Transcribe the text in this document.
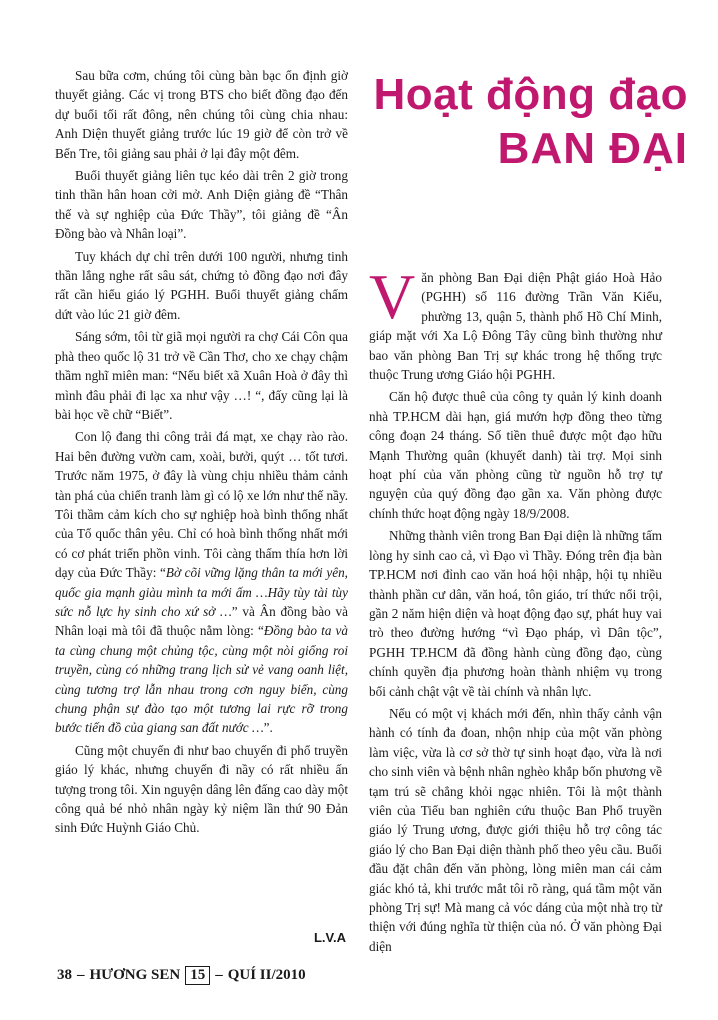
Sau bữa cơm, chúng tôi cùng bàn bạc ổn định giờ thuyết giảng. Các vị trong BTS cho biết đồng đạo đến dự buổi tối rất đông, nên chúng tôi cùng chia nhau: Anh Diện thuyết giảng trước lúc 19 giờ để còn trở về Bến Tre, tôi giảng sau phải ở lại đây một đêm.

Buổi thuyết giảng liên tục kéo dài trên 2 giờ trong tinh thần hân hoan cởi mở. Anh Diện giảng đề “Thân thế và sự nghiệp của Đức Thầy”, tôi giảng đề “Ân Đồng bào và Nhân loại”.

Tuy khách dự chỉ trên dưới 100 người, nhưng tinh thần lắng nghe rất sâu sát, chứng tỏ đồng đạo nơi đây rất cần hiểu giáo lý PGHH. Buổi thuyết giảng chấm dứt vào lúc 21 giờ đêm.

Sáng sớm, tôi từ giã mọi người ra chợ Cái Côn qua phà theo quốc lộ 31 trở về Cần Thơ, cho xe chạy chậm thầm nghĩ miên man: “Nếu biết xã Xuân Hoà ở đây thì mình đâu phải đi lạc xa như vậy …! “, đấy cũng lại là bài học về chữ “Biết”.

Con lộ đang thi công trải đá mạt, xe chạy rào rào. Hai bên đường vườn cam, xoài, bưởi, quýt … tốt tươi. Trước năm 1975, ở đây là vùng chịu nhiều thảm cảnh tàn phá của chiến tranh làm gì có lộ xe lớn như thế nầy. Tôi thầm cảm kích cho sự nghiệp hoà bình thống nhất của Tổ quốc thân yêu. Chỉ có hoà bình thống nhất mới có cơ phát triển phồn vinh. Tôi càng thấm thía hơn lời dạy của Đức Thầy: “Bờ cõi vững lặng thân ta mới yên, quốc gia mạnh giàu mình ta mới ấm …Hãy tùy tài tùy sức nỗ lực hy sinh cho xứ sở …” và Ân đồng bào và Nhân loại mà tôi đã thuộc nằm lòng: “Đồng bào ta và ta cùng chung một chủng tộc, cùng một nòi giống roi truyền, cùng có những trang lịch sử vẻ vang oanh liệt, cùng tương trợ lẫn nhau trong cơn nguy biến, cùng chung phận sự đào tạo một tương lai rực rỡ trong bước tiến đồ của giang san đất nước …”.

Cũng một chuyến đi như bao chuyến đi phổ truyền giáo lý khác, nhưng chuyến đi nầy có rất nhiều ấn tượng trong tôi. Xin nguyện dâng lên đấng cao dày một công quả bé nhỏ nhân ngày kỷ niệm lần thứ 90 Đản sinh Đức Huỳnh Giáo Chủ.

L.V.A
Hoạt động đạo
BAN ĐẠI

Văn phòng Ban Đại diện Phật giáo Hoà Hảo (PGHH) số 116 đường Trần Văn Kiểu, phường 13, quận 5, thành phố Hồ Chí Minh, giáp mặt với Xa Lộ Đông Tây cũng bình thường như bao văn phòng Ban Trị sự khác trong hệ thống trực thuộc Trung ương Giáo hội PGHH.

Căn hộ được thuê của công ty quản lý kinh doanh nhà TP.HCM dài hạn, giá mướn hợp đồng theo từng công đoạn 24 tháng. Số tiền thuê được một đạo hữu Mạnh Thường quân (khuyết danh) tài trợ. Mọi sinh hoạt phí của văn phòng cũng từ nguồn hỗ trợ tự nguyện của quý đồng đạo gần xa. Văn phòng được chính thức hoạt động ngày 18/9/2008.

Những thành viên trong Ban Đại diện là những tấm lòng hy sinh cao cả, vì Đạo vì Thầy. Đóng trên địa bàn TP.HCM nơi đỉnh cao văn hoá hội nhập, hội tụ nhiều thành phần cư dân, văn hoá, tôn giáo, trí thức nổi trội, gần 2 năm hiện diện và hoạt động đạo sự, phát huy vai trò theo đường hướng “vì Đạo pháp, vì Dân tộc”, PGHH TP.HCM đã đồng hành cùng đồng đạo, cùng chính quyền địa phương hoàn thành nhiệm vụ trong bối cảnh chật vật về tài chính và nhân lực.

Nếu có một vị khách mới đến, nhìn thấy cảnh vận hành có tính đa đoan, nhộn nhịp của một văn phòng làm việc, vừa là cơ sở thờ tự sinh hoạt đạo, vừa là nơi cho sinh viên và bệnh nhân nghèo khắp bốn phương về tạm trú sẽ chẳng khỏi ngạc nhiên. Tôi là một thành viên của Tiểu ban nghiên cứu thuộc Ban Phổ truyền giáo lý Trung ương, được giới thiệu hỗ trợ công tác giáo lý cho Ban Đại diện thành phố theo yêu cầu. Buổi đầu đặt chân đến văn phòng, lòng miên man cái cảm giác khó tả, khi trước mắt tôi rõ ràng, quá tầm một văn phòng Trị sự! Mà mang cả vóc dáng của một nhà trọ từ thiện với đúng nghĩa từ thiện của nó. Ở văn phòng Đại diện

38 – HƯƠNG SEN 15 – QUÍ II/2010
